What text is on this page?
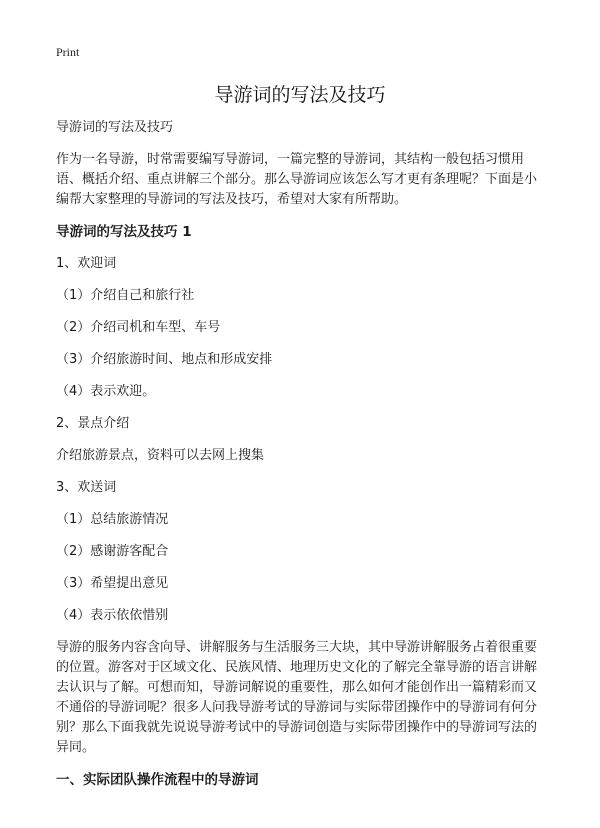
Print
导游词的写法及技巧

导游词的写法及技巧

作为一名导游，时常需要编写导游词，一篇完整的导游词，其结构一般包括习惯用语、概括介绍、重点讲解三个部分。那么导游词应该怎么写才更有条理呢？下面是小编帮大家整理的导游词的写法及技巧，希望对大家有所帮助。

导游词的写法及技巧 1

1、欢迎词

（1）介绍自己和旅行社

（2）介绍司机和车型、车号

（3）介绍旅游时间、地点和形成安排

（4）表示欢迎。

2、景点介绍

介绍旅游景点，资料可以去网上搜集

3、欢送词

（1）总结旅游情况

（2）感谢游客配合

（3）希望提出意见

（4）表示依依惜别

导游的服务内容含向导、讲解服务与生活服务三大块，其中导游讲解服务占着很重要的位置。游客对于区域文化、民族风情、地理历史文化的了解完全靠导游的语言讲解去认识与了解。可想而知，导游词解说的重要性，那么如何才能创作出一篇精彩而又不通俗的导游词呢？很多人问我导游考试的导游词与实际带团操作中的导游词有何分别？那么下面我就先说说导游考试中的导游词创造与实际带团操作中的导游词写法的异同。

一、实际团队操作流程中的导游词
